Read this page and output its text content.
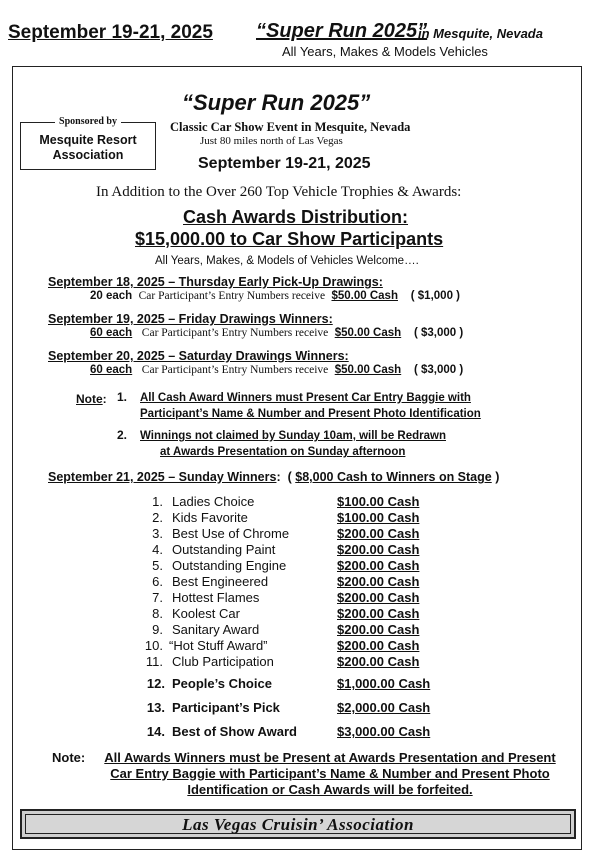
September 19-21, 2025 “Super Run 2025”
in Mesquite, Nevada
All Years, Makes & Models Vehicles
Sponsored by
Mesquite Resort Association
“Super Run 2025”
Classic Car Show Event in Mesquite, Nevada
Just 80 miles north of Las Vegas
September 19-21, 2025
In Addition to the Over 260 Top Vehicle Trophies & Awards:
Cash Awards Distribution:
$15,000.00 to Car Show Participants
All Years, Makes, & Models of Vehicles Welcome….
September 18, 2025 – Thursday Early Pick-Up Drawings:
20 each Car Participant’s Entry Numbers receive $50.00 Cash ( $1,000 )
September 19, 2025 – Friday Drawings Winners:
60 each Car Participant’s Entry Numbers receive $50.00 Cash ( $3,000 )
September 20, 2025 – Saturday Drawings Winners:
60 each Car Participant’s Entry Numbers receive $50.00 Cash ( $3,000 )
Note: 1. All Cash Award Winners must Present Car Entry Baggie with
Participant’s Name & Number and Present Photo Identification
2. Winnings not claimed by Sunday 10am, will be Redrawn
at Awards Presentation on Sunday afternoon
September 21, 2025 – Sunday Winners: ( $8,000 Cash to Winners on Stage )
1. Ladies Choice	$100.00 Cash
2. Kids Favorite	$100.00 Cash
3. Best Use of Chrome	$200.00 Cash
4. Outstanding Paint	$200.00 Cash
5. Outstanding Engine	$200.00 Cash
6. Best Engineered	$200.00 Cash
7. Hottest Flames	$200.00 Cash
8. Koolest Car	$200.00 Cash
9. Sanitary Award	$200.00 Cash
10. “Hot Stuff Award”	$200.00 Cash
11. Club Participation	$200.00 Cash
12. People’s Choice	$1,000.00 Cash
13. Participant’s Pick	$2,000.00 Cash
14. Best of Show Award	$3,000.00 Cash
Note:	All Awards Winners must be Present at Awards Presentation and Present Car Entry Baggie with Participant’s Name & Number and Present Photo Identification or Cash Awards will be forfeited.
Las Vegas Cruisin’ Association
